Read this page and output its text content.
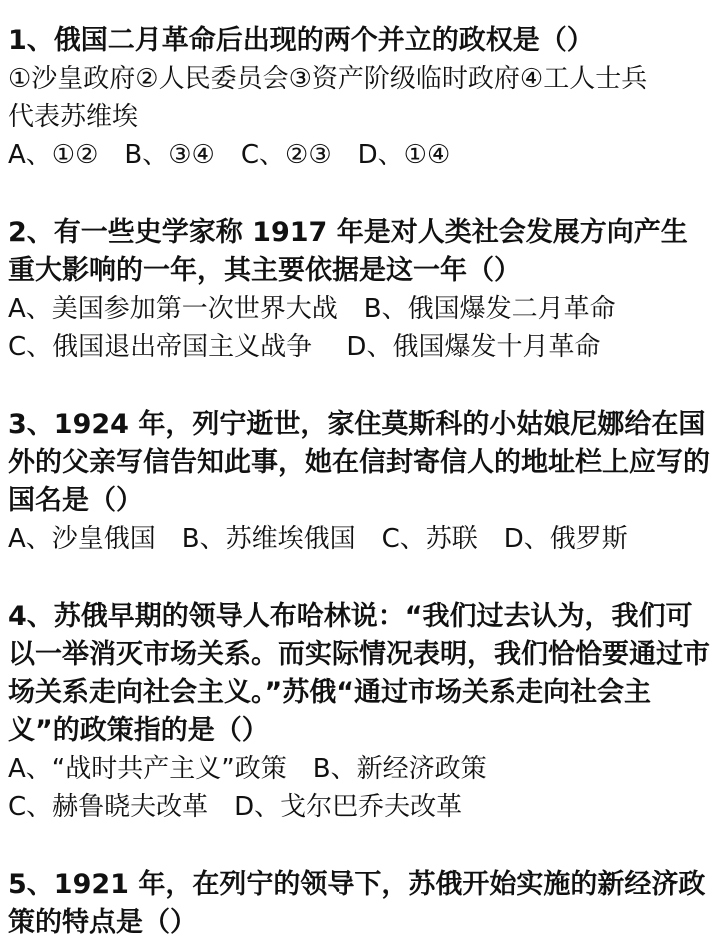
1、俄国二月革命后出现的两个并立的政权是（）

①沙皇政府②人民委员会③资产阶级临时政府④工人士兵

代表苏维埃

A、①②　B、③④　C、②③　D、①④

2、有一些史学家称 1917 年是对人类社会发展方向产生重大影响的一年，其主要依据是这一年（）

A、美国参加第一次世界大战　B、俄国爆发二月革命

C、俄国退出帝国主义战争　 D、俄国爆发十月革命

3、1924 年，列宁逝世，家住莫斯科的小姑娘尼娜给在国外的父亲写信告知此事，她在信封寄信人的地址栏上应写的国名是（）

A、沙皇俄国　B、苏维埃俄国　C、苏联　D、俄罗斯

4、苏俄早期的领导人布哈林说：“我们过去认为，我们可以一举消灭市场关系。而实际情况表明，我们恰恰要通过市场关系走向社会主义。”苏俄“通过市场关系走向社会主义”的政策指的是（）

A、“战时共产主义”政策　B、新经济政策

C、赫鲁晓夫改革　D、戈尔巴乔夫改革

5、1921 年，在列宁的领导下，苏俄开始实施的新经济政策的特点是（）
